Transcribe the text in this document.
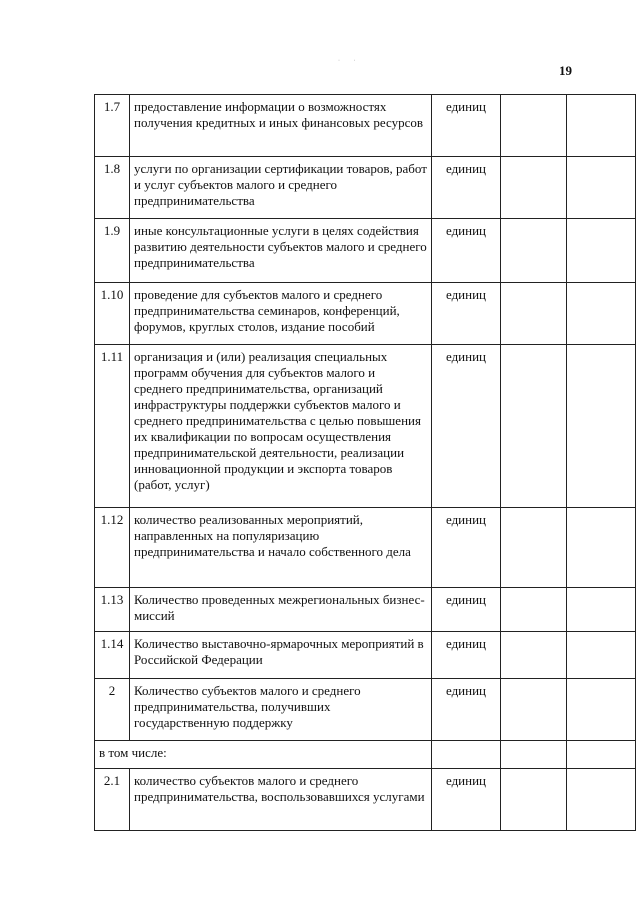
19
· ·
1.7	предоставление информации о возможностях получения кредитных и иных финансовых ресурсов	единиц		
1.8	услуги по организации сертификации товаров, работ и услуг субъектов малого и среднего предпринимательства	единиц		
1.9	иные консультационные услуги в целях содействия развитию деятельности субъектов малого и среднего предпринимательства	единиц		
1.10	проведение для субъектов малого и среднего предпринимательства семинаров, конференций, форумов, круглых столов, издание пособий	единиц		
1.11	организация и (или) реализация специальных программ обучения для субъектов малого и среднего предпринимательства, организаций инфраструктуры поддержки субъектов малого и среднего предпринимательства с целью повышения их квалификации по вопросам осуществления предпринимательской деятельности, реализации инновационной продукции и экспорта товаров (работ, услуг)	единиц		
1.12	количество реализованных мероприятий, направленных на популяризацию предпринимательства и начало собственного дела	единиц		
1.13	Количество проведенных межрегиональных бизнес-миссий	единиц		
1.14	Количество выставочно-ярмарочных мероприятий в Российской Федерации	единиц		
2	Количество субъектов малого и среднего предпринимательства, получивших государственную поддержку	единиц		
в том числе:				
2.1	количество субъектов малого и среднего предпринимательства, воспользовавшихся услугами	единиц		
